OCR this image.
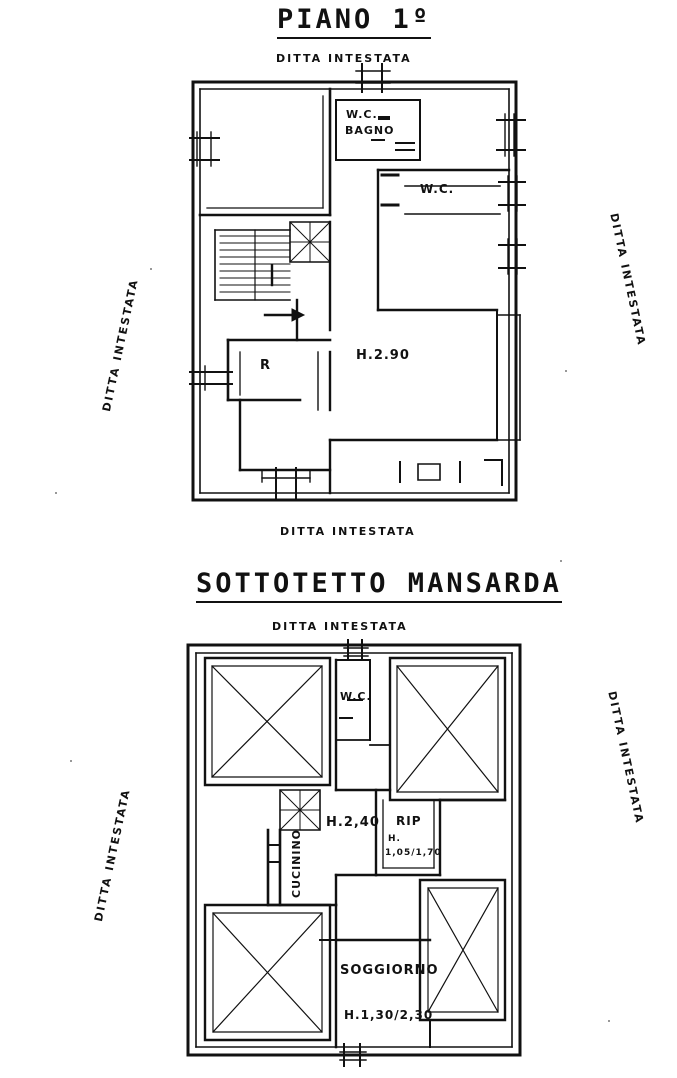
PIANO 1º
DITTA INTESTATA
DITTA INTESTATA
DITTA INTESTATA	DITTA INTESTATA
W.C.
BAGNO
W.C.
H.2.90
R
SOTTOTETTO MANSARDA
DITTA INTESTATA
DITTA INTESTATA
DITTA INTESTATA
W.C.
H.2,40 RIP
H.
1,05/1,70
CUCININO
SOGGIORNO
H.1,30/2,30
